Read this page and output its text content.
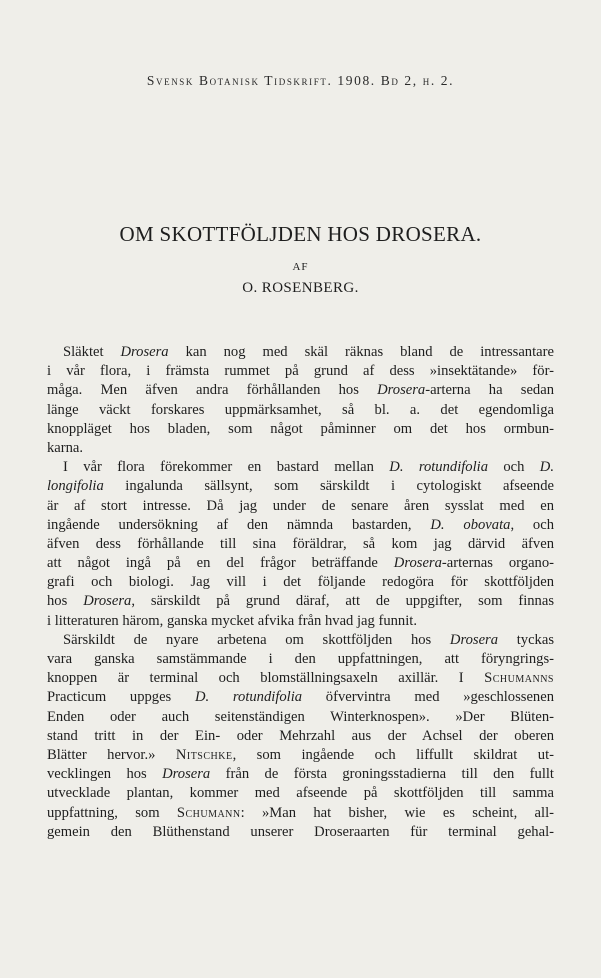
Svensk Botanisk Tidskrift. 1908. Bd 2, h. 2.
OM SKOTTFÖLJDEN HOS DROSERA.
AF
O. ROSENBERG.
Släktet Drosera kan nog med skäl räknas bland de intressantare
i vår flora, i främsta rummet på grund af dess »insektätande» för-
måga. Men äfven andra förhållanden hos Drosera-arterna ha sedan
länge väckt forskares uppmärksamhet, så bl. a. det egendomliga
knoppläget hos bladen, som något påminner om det hos ormbun-
karna.
I vår flora förekommer en bastard mellan D. rotundifolia och D.
longifolia ingalunda sällsynt, som särskildt i cytologiskt afseende
är af stort intresse. Då jag under de senare åren sysslat med en
ingående undersökning af den nämnda bastarden, D. obovata, och
äfven dess förhållande till sina föräldrar, så kom jag därvid äfven
att något ingå på en del frågor beträffande Drosera-arternas organo-
grafi och biologi. Jag vill i det följande redogöra för skottföljden
hos Drosera, särskildt på grund däraf, att de uppgifter, som finnas
i litteraturen härom, ganska mycket afvika från hvad jag funnit.
Särskildt de nyare arbetena om skottföljden hos Drosera tyckas
vara ganska samstämmande i den uppfattningen, att föryngrings-
knoppen är terminal och blomställningsaxeln axillär. I Schumanns
Practicum uppges D. rotundifolia öfvervintra med »geschlossenen
Enden oder auch seitenständigen Winterknospen». »Der Blüten-
stand tritt in der Ein- oder Mehrzahl aus der Achsel der oberen
Blätter hervor.» Nitschke, som ingående och liffullt skildrat ut-
vecklingen hos Drosera från de första groningsstadierna till den fullt
utvecklade plantan, kommer med afseende på skottföljden till samma
uppfattning, som Schumann: »Man hat bisher, wie es scheint, all-
gemein den Blüthenstand unserer Droseraarten für terminal gehal-
